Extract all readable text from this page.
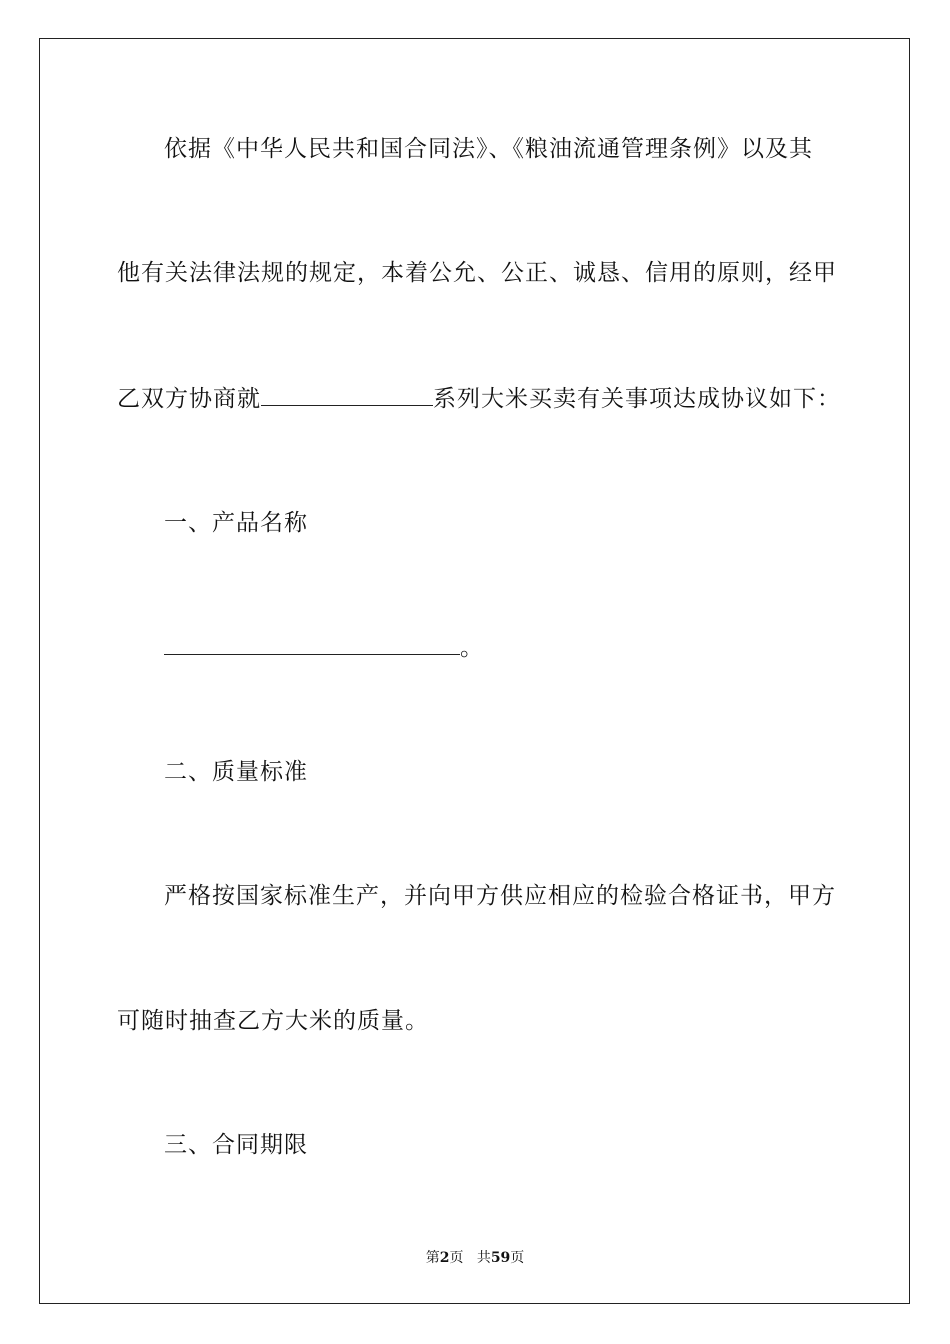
依据《中华人民共和国合同法》、《粮油流通管理条例》以及其
他有关法律法规的规定，本着公允、公正、诚恳、信用的原则，经甲
乙双方协商就	系列大米买卖有关事项达成协议如下：
一、产品名称
。
二、质量标准
严格按国家标准生产，并向甲方供应相应的检验合格证书，甲方
可随时抽查乙方大米的质量。
三、合同期限
第2页 共59页
